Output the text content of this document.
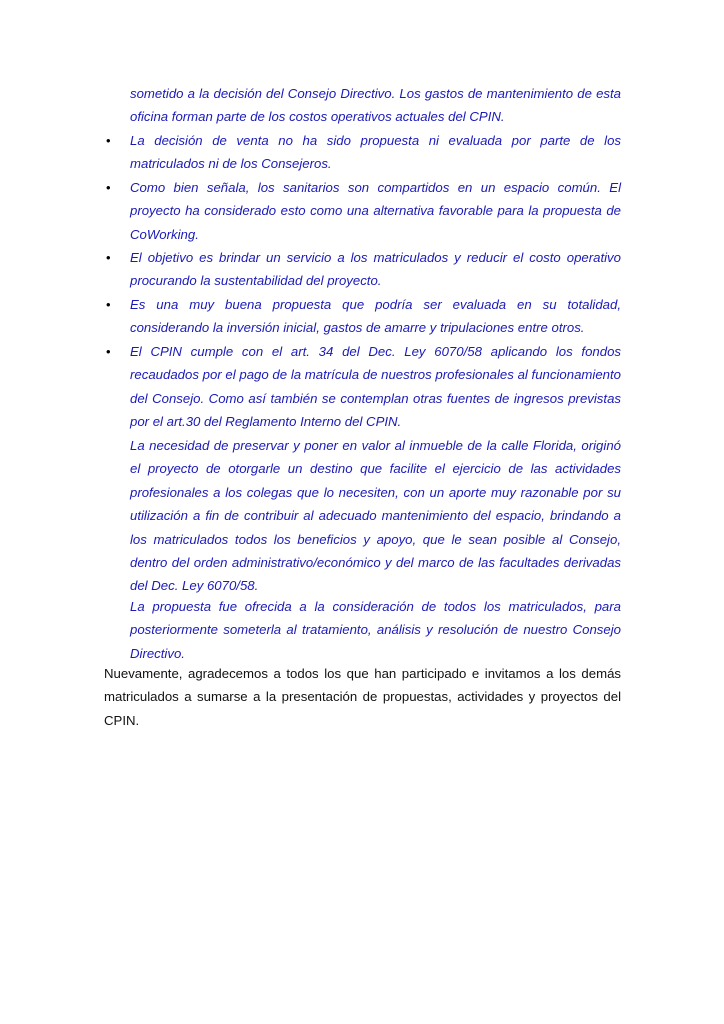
sometido a la decisión del Consejo Directivo. Los gastos de mantenimiento de esta oficina forman parte de los costos operativos actuales del CPIN.

•	La decisión de venta no ha sido propuesta ni evaluada por parte de los matriculados ni de los Consejeros.

•	Como bien señala, los sanitarios son compartidos en un espacio común. El proyecto ha considerado esto como una alternativa favorable para la propuesta de CoWorking.

•	El objetivo es brindar un servicio a los matriculados y reducir el costo operativo procurando la sustentabilidad del proyecto.

•	Es una muy buena propuesta que podría ser evaluada en su totalidad, considerando la inversión inicial, gastos de amarre y tripulaciones entre otros.

•	El CPIN cumple con el art. 34 del Dec. Ley 6070/58 aplicando los fondos recaudados por el pago de la matrícula de nuestros profesionales al funcionamiento del Consejo. Como así también se contemplan otras fuentes de ingresos previstas por el art.30 del Reglamento Interno del CPIN.

La necesidad de preservar y poner en valor al inmueble de la calle Florida, originó el proyecto de otorgarle un destino que facilite el ejercicio de las actividades profesionales a los colegas que lo necesiten, con un aporte muy razonable por su utilización a fin de contribuir al adecuado mantenimiento del espacio, brindando a los matriculados todos los beneficios y apoyo, que le sean posible al Consejo, dentro del orden administrativo/económico y del marco de las facultades derivadas del Dec. Ley 6070/58.

La propuesta fue ofrecida a la consideración de todos los matriculados, para posteriormente someterla al tratamiento, análisis y resolución de nuestro Consejo Directivo.

Nuevamente, agradecemos a todos los que han participado e invitamos a los demás matriculados a sumarse a la presentación de propuestas, actividades y proyectos del CPIN.
